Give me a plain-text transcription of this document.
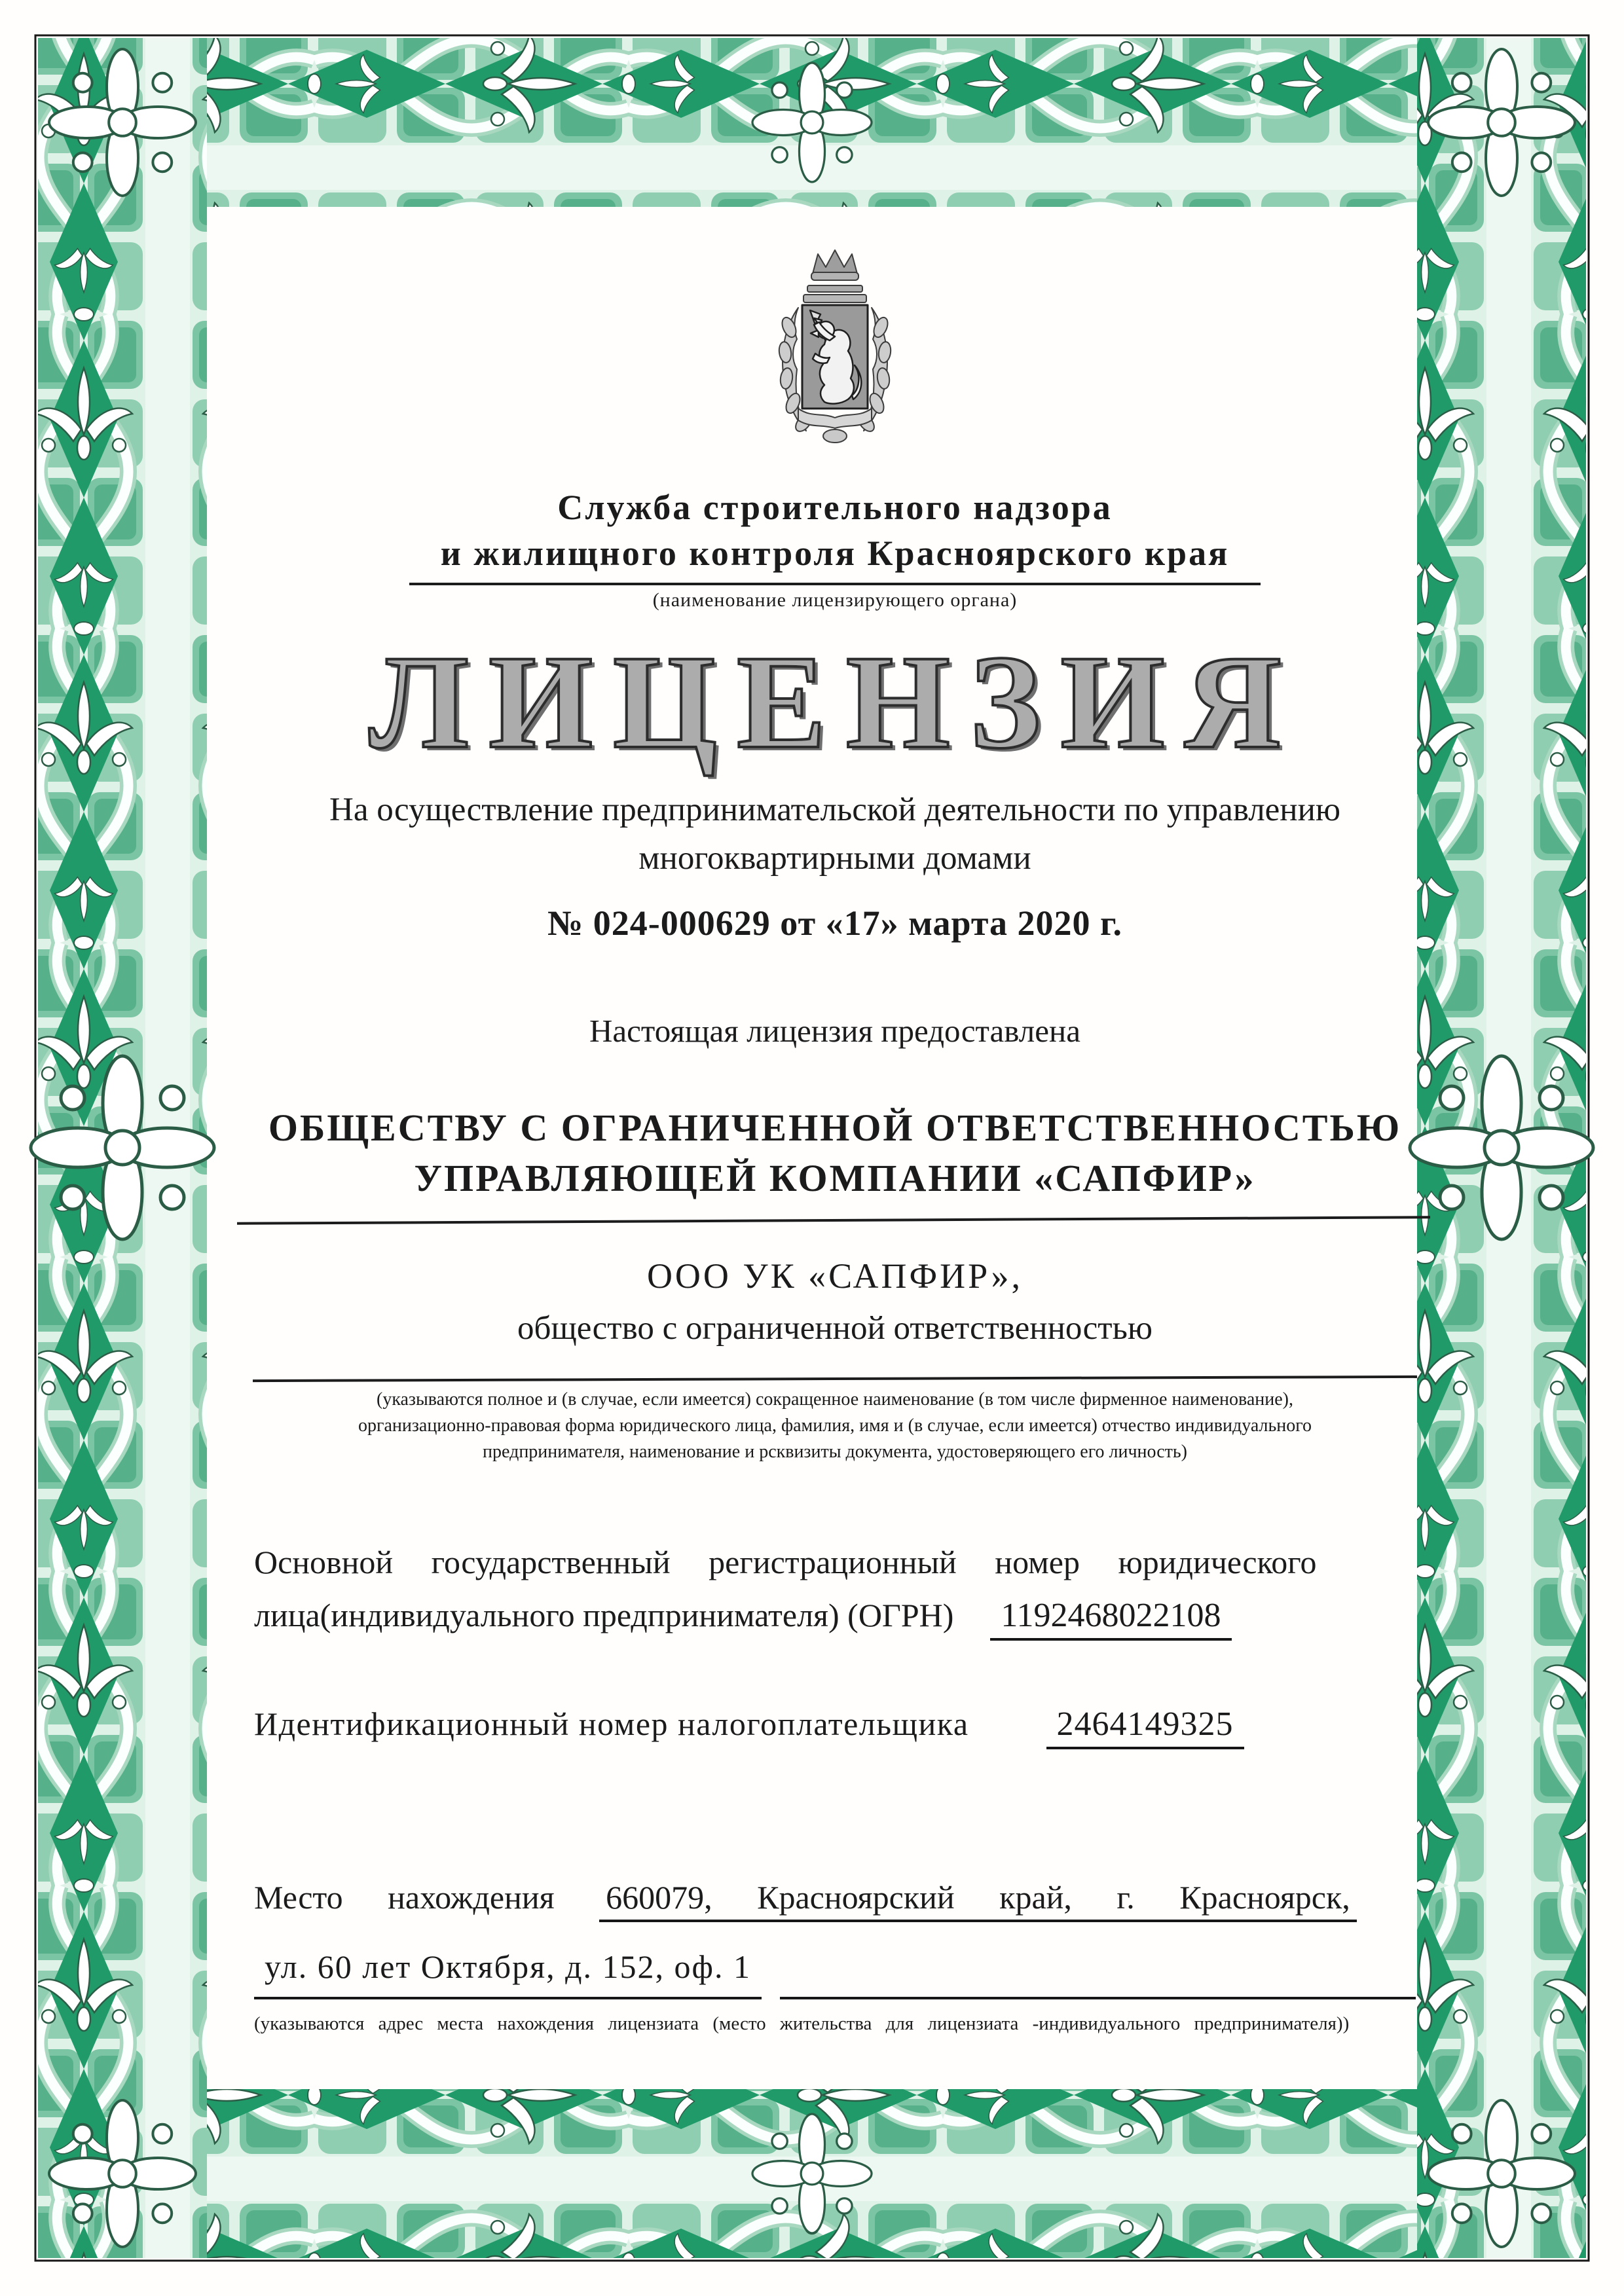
Служба строительного надзора
и жилищного контроля Красноярского края
(наименование лицензирующего органа)
ЛИЦЕНЗИЯ
На осуществление предпринимательской деятельности по управлению
многоквартирными домами
№ 024-000629 от «17» марта 2020 г.
Настоящая лицензия предоставлена
ОБЩЕСТВУ С ОГРАНИЧЕННОЙ ОТВЕТСТВЕННОСТЬЮ
УПРАВЛЯЮЩЕЙ КОМПАНИИ «САПФИР»
ООО УК «САПФИР»,
общество с ограниченной ответственностью
(указываются полное и (в случае, если имеется) сокращенное наименование (в том числе фирменное наименование),
организационно-правовая форма юридического лица, фамилия, имя и (в случае, если имеется) отчество индивидуального
предпринимателя, наименование и рсквизиты документа, удостоверяющего его личность)
Основной государственный регистрационный номер юридического
лица(индивидуального предпринимателя) (ОГРН) 1192468022108
Идентификационный номер налогоплательщика	2464149325
Место нахождения 660079, Красноярский край, г. Красноярск,
ул. 60 лет Октября, д. 152, оф. 1
(указываются адрес места нахождения лицензиата (место жительства для лицензиата -индивидуального предпринимателя))
